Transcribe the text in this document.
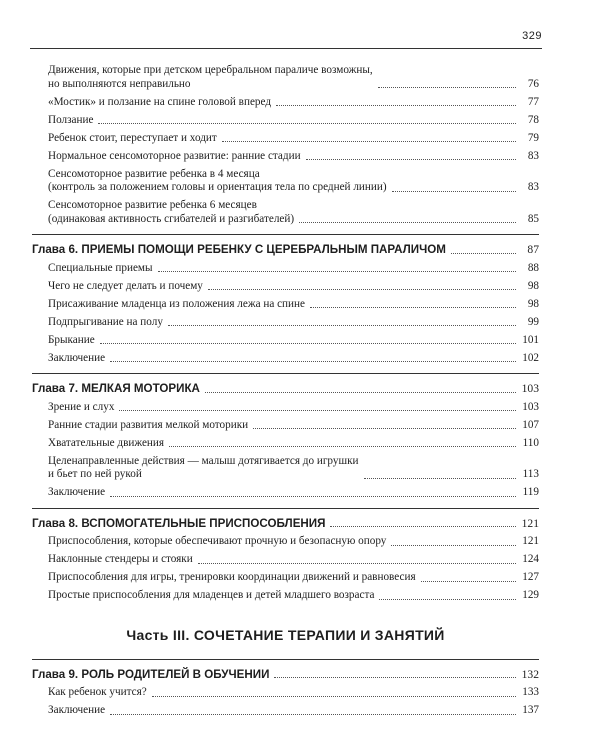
329
Движения, которые при детском церебральном параличе возможны,
но выполняются неправильно	76
«Мостик» и ползание на спине головой вперед	77
Ползание	78
Ребенок стоит, переступает и ходит	79
Нормальное сенсомоторное развитие: ранние стадии	83
Сенсомоторное развитие ребенка в 4 месяца
(контроль за положением головы и ориентация тела по средней линии)	83
Сенсомоторное развитие ребенка 6 месяцев
(одинаковая активность сгибателей и разгибателей)	85
Глава 6. ПРИЕМЫ ПОМОЩИ РЕБЕНКУ С ЦЕРЕБРАЛЬНЫМ ПАРАЛИЧОМ	87
Специальные приемы	88
Чего не следует делать и почему	98
Присаживание младенца из положения лежа на спине	98
Подпрыгивание на полу	99
Брыкание	101
Заключение	102
Глава 7. МЕЛКАЯ МОТОРИКА	103
Зрение и слух	103
Ранние стадии развития мелкой моторики	107
Хватательные движения	110
Целенаправленные действия — малыш дотягивается до игрушки
и бьет по ней рукой	113
Заключение	119
Глава 8. ВСПОМОГАТЕЛЬНЫЕ ПРИСПОСОБЛЕНИЯ	121
Приспособления, которые обеспечивают прочную и безопасную опору	121
Наклонные стендеры и стояки	124
Приспособления для игры, тренировки координации движений и равновесия	127
Простые приспособления для младенцев и детей младшего возраста	129
Часть III. СОЧЕТАНИЕ ТЕРАПИИ И ЗАНЯТИЙ
Глава 9. РОЛЬ РОДИТЕЛЕЙ В ОБУЧЕНИИ	132
Как ребенок учится?	133
Заключение	137
